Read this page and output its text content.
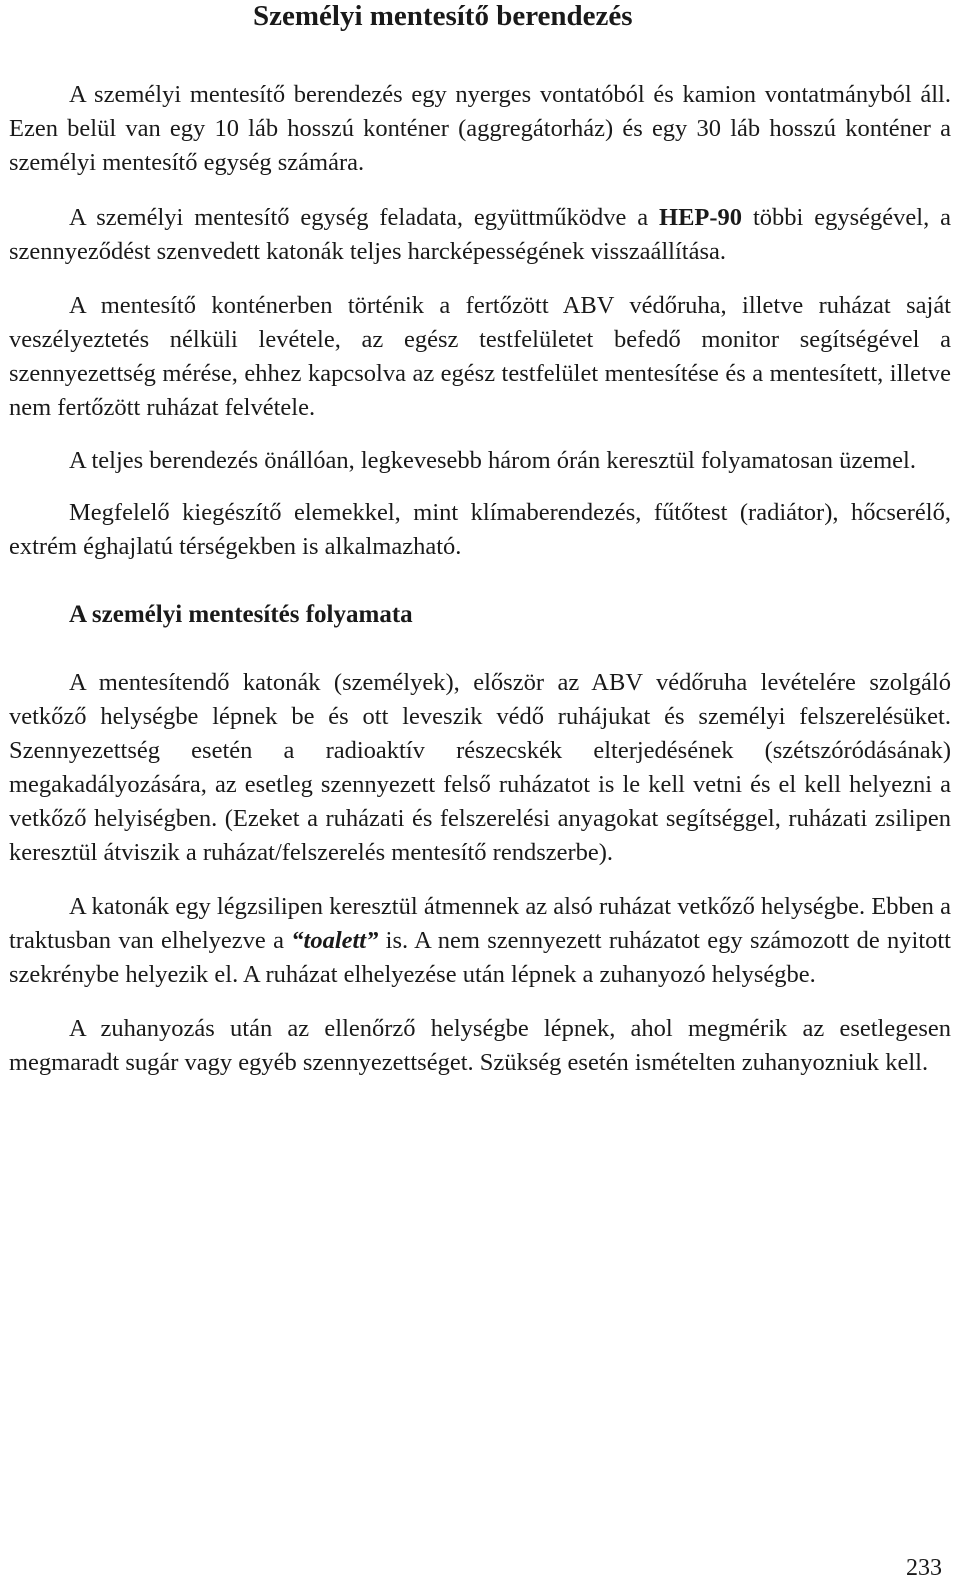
Személyi mentesítő berendezés

A személyi mentesítő berendezés egy nyerges vontatóból és kamion vontatmányból áll. Ezen belül van egy 10 láb hosszú konténer (aggregátorház) és egy 30 láb hosszú konténer a személyi mentesítő egység számára.

A személyi mentesítő egység feladata, együttműködve a HEP-90 többi egységével, a szennyeződést szenvedett katonák teljes harcképességének visszaállítása.

A mentesítő konténerben történik a fertőzött ABV védőruha, illetve ruházat saját veszélyeztetés nélküli levétele, az egész testfelületet befedő monitor segítségével a szennyezettség mérése, ehhez kapcsolva az egész testfelület mentesítése és a mentesített, illetve nem fertőzött ruházat felvétele.

A teljes berendezés önállóan, legkevesebb három órán keresztül folyamatosan üzemel.

Megfelelő kiegészítő elemekkel, mint klímaberendezés, fűtőtest (radiátor), hőcserélő, extrém éghajlatú térségekben is alkalmazható.

A személyi mentesítés folyamata

A mentesítendő katonák (személyek), először az ABV védőruha levételére szolgáló vetkőző helységbe lépnek be és ott leveszik védő ruhájukat és személyi felszerelésüket. Szennyezettség esetén a radioaktív részecskék elterjedésének (szétszóródásának) megakadályozására, az esetleg szennyezett felső ruházatot is le kell vetni és el kell helyezni a vetkőző helyiségben. (Ezeket a ruházati és felszerelési anyagokat segítséggel, ruházati zsilipen keresztül átviszik a ruházat/felszerelés mentesítő rendszerbe).

A katonák egy légzsilipen keresztül átmennek az alsó ruházat vetkőző helységbe. Ebben a traktusban van elhelyezve a “toalett” is. A nem szennyezett ruházatot egy számozott de nyitott szekrénybe helyezik el. A ruházat elhelyezése után lépnek a zuhanyozó helységbe.

A zuhanyozás után az ellenőrző helységbe lépnek, ahol megmérik az esetlegesen megmaradt sugár vagy egyéb szennyezettséget. Szükség esetén ismételten zuhanyozniuk kell.

233
